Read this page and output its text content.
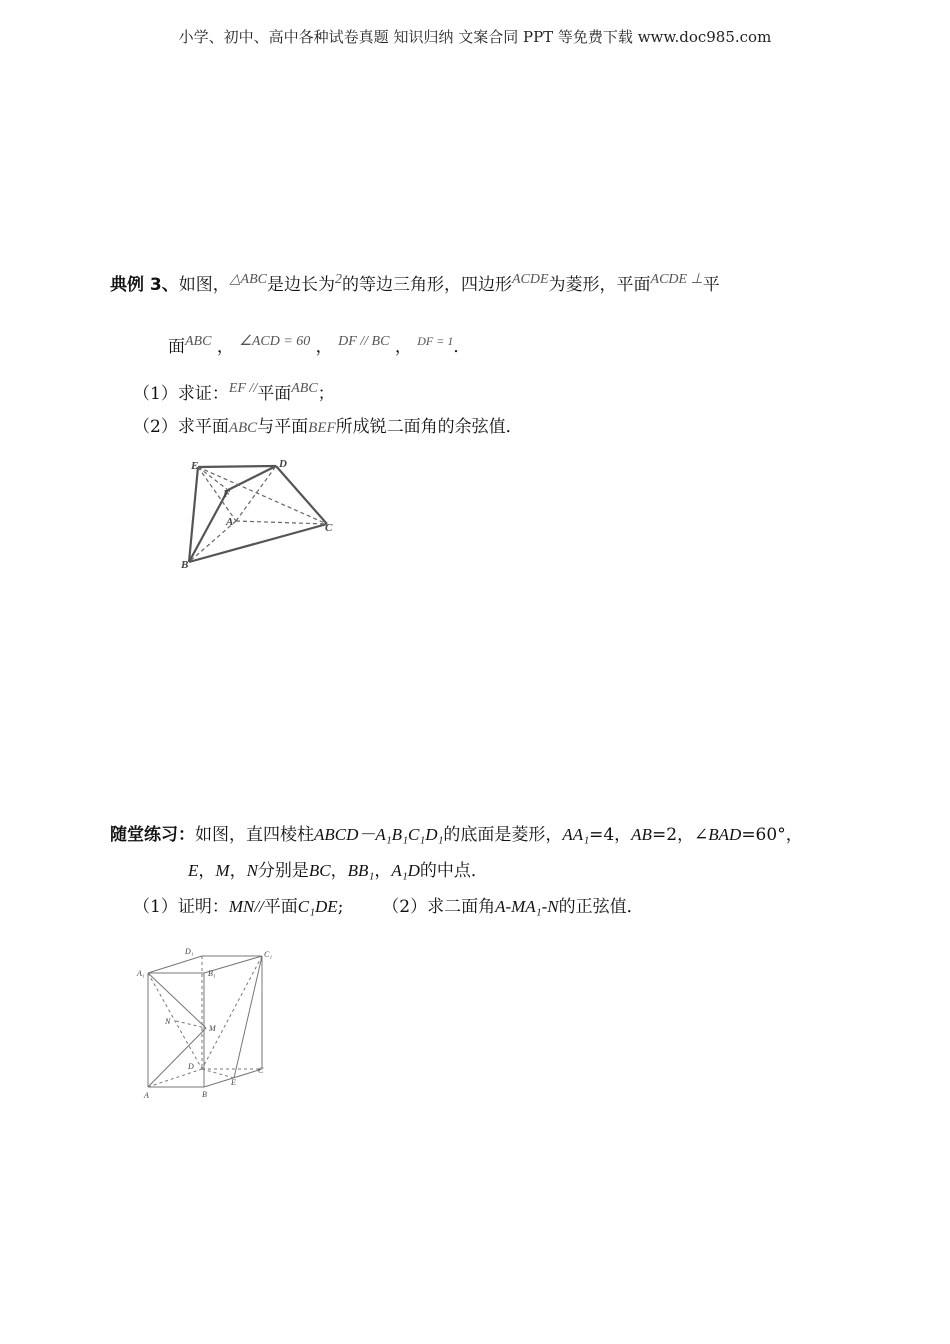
小学、初中、高中各种试卷真题 知识归纳 文案合同 PPT 等免费下载 www.doc985.com
典例 3、如图，$^{\triangle ABC}$是边长为$^2$的等边三角形，四边形$^{ACDE}$为菱形，平面$^{ACDE \perp}$平
面$^{ABC}$ ， $^{\angle ACD = 60}$ ， $^{DF // BC}$ ， $^{DF = 1}$．
（1）求证：$^{EF //}$平面$^{ABC}$；
（2）求平面ABC与平面BEF所成锐二面角的余弦值．
E	D
F
A	C
B
随堂练习：如图，直四棱柱ABCD－A₁B₁C₁D₁的底面是菱形，AA₁=4，AB=2，∠BAD=60°，
E，M，N分别是BC，BB₁，A₁D的中点．
（1）证明：MN//平面C₁DE; （2）求二面角A-MA₁-N的正弦值．
D₁	C₁
A₁	B₁
N
M
D	C
E
A	B
